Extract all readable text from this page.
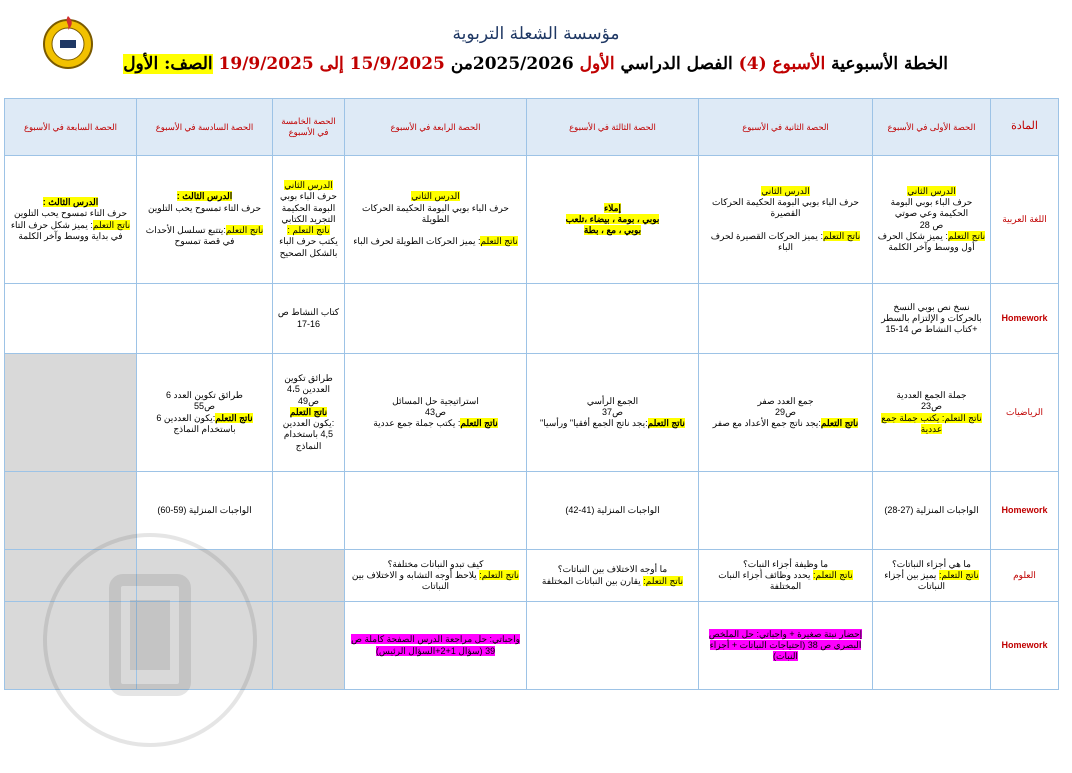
مؤسسة الشعلة التربوية
الخطة الأسبوعية الأسبوع (4) الفصل الدراسي الأول 2025/2026من 15/9/2025 إلى 19/9/2025 الصف: الأول
المادة	الحصة الأولى في الأسبوع	الحصة الثانية في الأسبوع	الحصة الثالثة في الأسبوع	الحصة الرابعة في الأسبوع	الحصة الخامسة في الأسبوع	الحصة السادسة في الأسبوع	الحصة السابعة في الأسبوع
اللغة العربية	الدرس الثاني
حرف الباء بوبي البومة الحكيمة وعي صوتي
ص 28
ناتج التعلم: يميز شكل الحرف أول ووسط وآخر الكلمة	الدرس الثاني
حرف الباء بوبي البومة الحكيمة الحركات القصيرة

ناتج التعلم: يميز الحركات القصيرة لحرف الباء	إملاء
بوبي ، بومة ، بيضاء ،تلعب
بوبي ، مع ، بطة	الدرس الثاني
حرف الباء بوبي البومة الحكيمة الحركات الطويلة

ناتج التعلم: يميز الحركات الطويلة لحرف الباء	الدرس الثاني
حرف الباء بوبي البومة الحكيمة التجريد الكتابي
ناتج التعلم :
يكتب حرف الباء بالشكل الصحيح	الدرس الثالث :
حرف التاء تمسوح يحب التلوين

ناتج التعلم:يتتبع تسلسل الأحداث في قصة تمسوح	الدرس الثالث :
حرف التاء تمسوح يحب التلوين
ناتج التعلم: يميز شكل حرف التاء في بداية ووسط وآخر الكلمة
Homework	نسخ نص بوبي النسخ بالحركات و الإلتزام بالسطر +كتاب النشاط ص 14-15				كتاب النشاط ص 16-17		
الرياضيات	جملة الجمع العددية
ص23
ناتج التعلم: يكتب جملة جمع عددية	جمع العدد صفر
ص29
ناتج التعلم:يجد ناتج جمع الأعداد مع صفر	الجمع الرأسي
ص37
ناتج التعلم:يجد ناتج الجمع أفقيا" ورأسيا"	استراتيجية حل المسائل
ص43
ناتج التعلم: يكتب جملة جمع عددية	طرائق تكوين العددين 4،5
ص49
ناتج التعلم
:يكون العددين 4,5 باستخدام النماذج	طرائق تكوين العدد 6
ص55
ناتج التعلم:يكون العددين 6 باستخدام النماذج	
Homework	الواجبات المنزلية (27-28)		الواجبات المنزلية (41-42)			الواجبات المنزلية (59-60)	
العلوم	ما هي أجزاء النباتات؟
ناتج التعلم: يميز بين أجزاء النباتات	ما وظيفة أجزاء النبات؟
ناتج التعلم: يحدد وظائف أجزاء النبات المختلفة	ما أوجه الاختلاف بين النباتات؟
ناتج التعلم: يقارن بين النباتات المختلفة	كيف تبدو النباتات مختلفة؟
ناتج التعلم: يلاحظ أوجه التشابه و الاختلاف بين النباتات			
Homework		إحضار نبتة صغيرة + واجباتي: حل الملخص البصري ص 38 (احتياجات النباتات + أجزاء النبات)		واجباتي: حل مراجعة الدرس الصفحة كاملة ص 39 (سؤال 1+2+السؤال الرئيس)			
